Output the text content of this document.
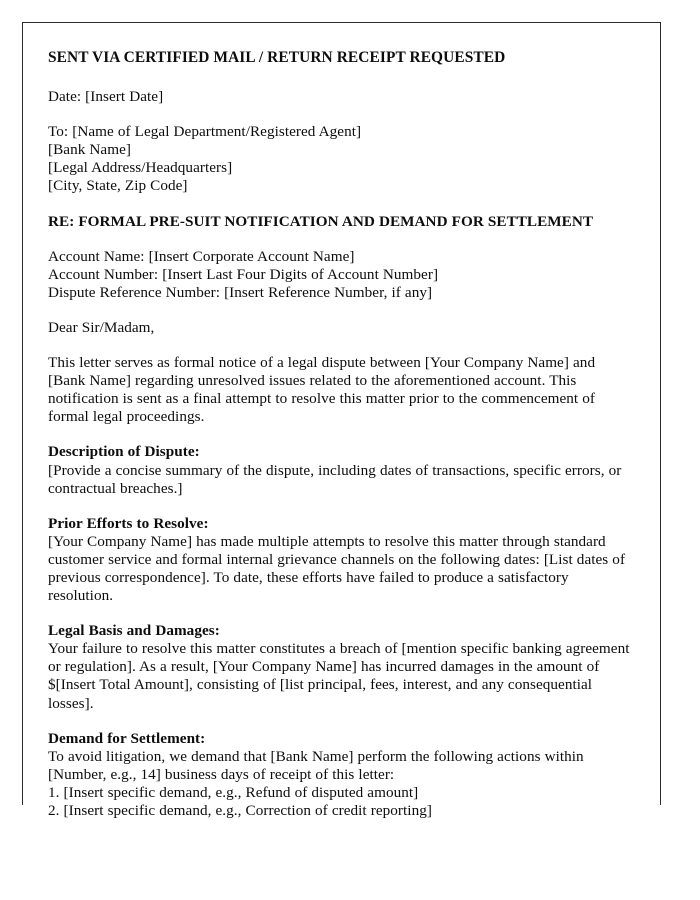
SENT VIA CERTIFIED MAIL / RETURN RECEIPT REQUESTED
Date: [Insert Date]
To: [Name of Legal Department/Registered Agent]
[Bank Name]
[Legal Address/Headquarters]
[City, State, Zip Code]
RE: FORMAL PRE-SUIT NOTIFICATION AND DEMAND FOR SETTLEMENT
Account Name: [Insert Corporate Account Name]
Account Number: [Insert Last Four Digits of Account Number]
Dispute Reference Number: [Insert Reference Number, if any]
Dear Sir/Madam,
This letter serves as formal notice of a legal dispute between [Your Company Name] and [Bank Name] regarding unresolved issues related to the aforementioned account. This notification is sent as a final attempt to resolve this matter prior to the commencement of formal legal proceedings.
Description of Dispute:
[Provide a concise summary of the dispute, including dates of transactions, specific errors, or contractual breaches.]
Prior Efforts to Resolve:
[Your Company Name] has made multiple attempts to resolve this matter through standard customer service and formal internal grievance channels on the following dates: [List dates of previous correspondence]. To date, these efforts have failed to produce a satisfactory resolution.
Legal Basis and Damages:
Your failure to resolve this matter constitutes a breach of [mention specific banking agreement or regulation]. As a result, [Your Company Name] has incurred damages in the amount of $[Insert Total Amount], consisting of [list principal, fees, interest, and any consequential losses].
Demand for Settlement:
To avoid litigation, we demand that [Bank Name] perform the following actions within [Number, e.g., 14] business days of receipt of this letter:
1. [Insert specific demand, e.g., Refund of disputed amount]
2. [Insert specific demand, e.g., Correction of credit reporting]
